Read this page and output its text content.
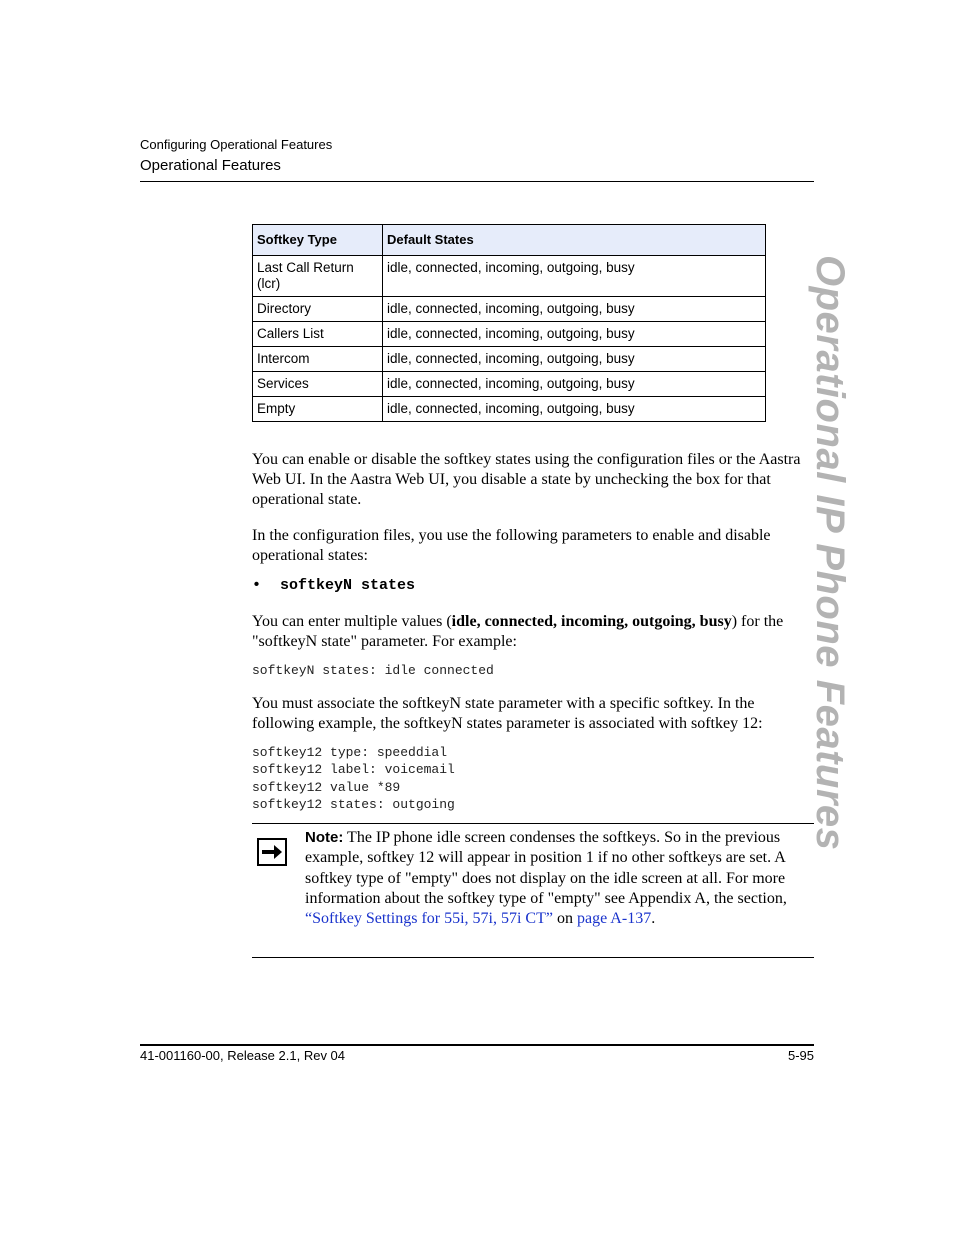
Configuring Operational Features
Operational Features
Softkey Type	Default States
Last Call Return
(lcr)	idle, connected, incoming, outgoing, busy
Directory	idle, connected, incoming, outgoing, busy
Callers List	idle, connected, incoming, outgoing, busy
Intercom	idle, connected, incoming, outgoing, busy
Services	idle, connected, incoming, outgoing, busy
Empty	idle, connected, incoming, outgoing, busy
You can enable or disable the softkey states using the configuration files or the Aastra Web UI. In the Aastra Web UI, you disable a state by unchecking the box for that operational state.
In the configuration files, you use the following parameters to enable and disable operational states:
• softkeyN states
You can enter multiple values (idle, connected, incoming, outgoing, busy) for the "softkeyN state" parameter. For example:
softkeyN states: idle connected
You must associate the softkeyN state parameter with a specific softkey. In the following example, the softkeyN states parameter is associated with softkey 12:
softkey12 type: speeddial
softkey12 label: voicemail
softkey12 value *89
softkey12 states: outgoing
Note: The IP phone idle screen condenses the softkeys. So in the previous example, softkey 12 will appear in position 1 if no other softkeys are set. A softkey type of "empty" does not display on the idle screen at all. For more information about the softkey type of "empty" see Appendix A, the section, “Softkey Settings for 55i, 57i, 57i CT” on page A-137.
Operational IP Phone Features
41-001160-00, Release 2.1, Rev 04	5-95
